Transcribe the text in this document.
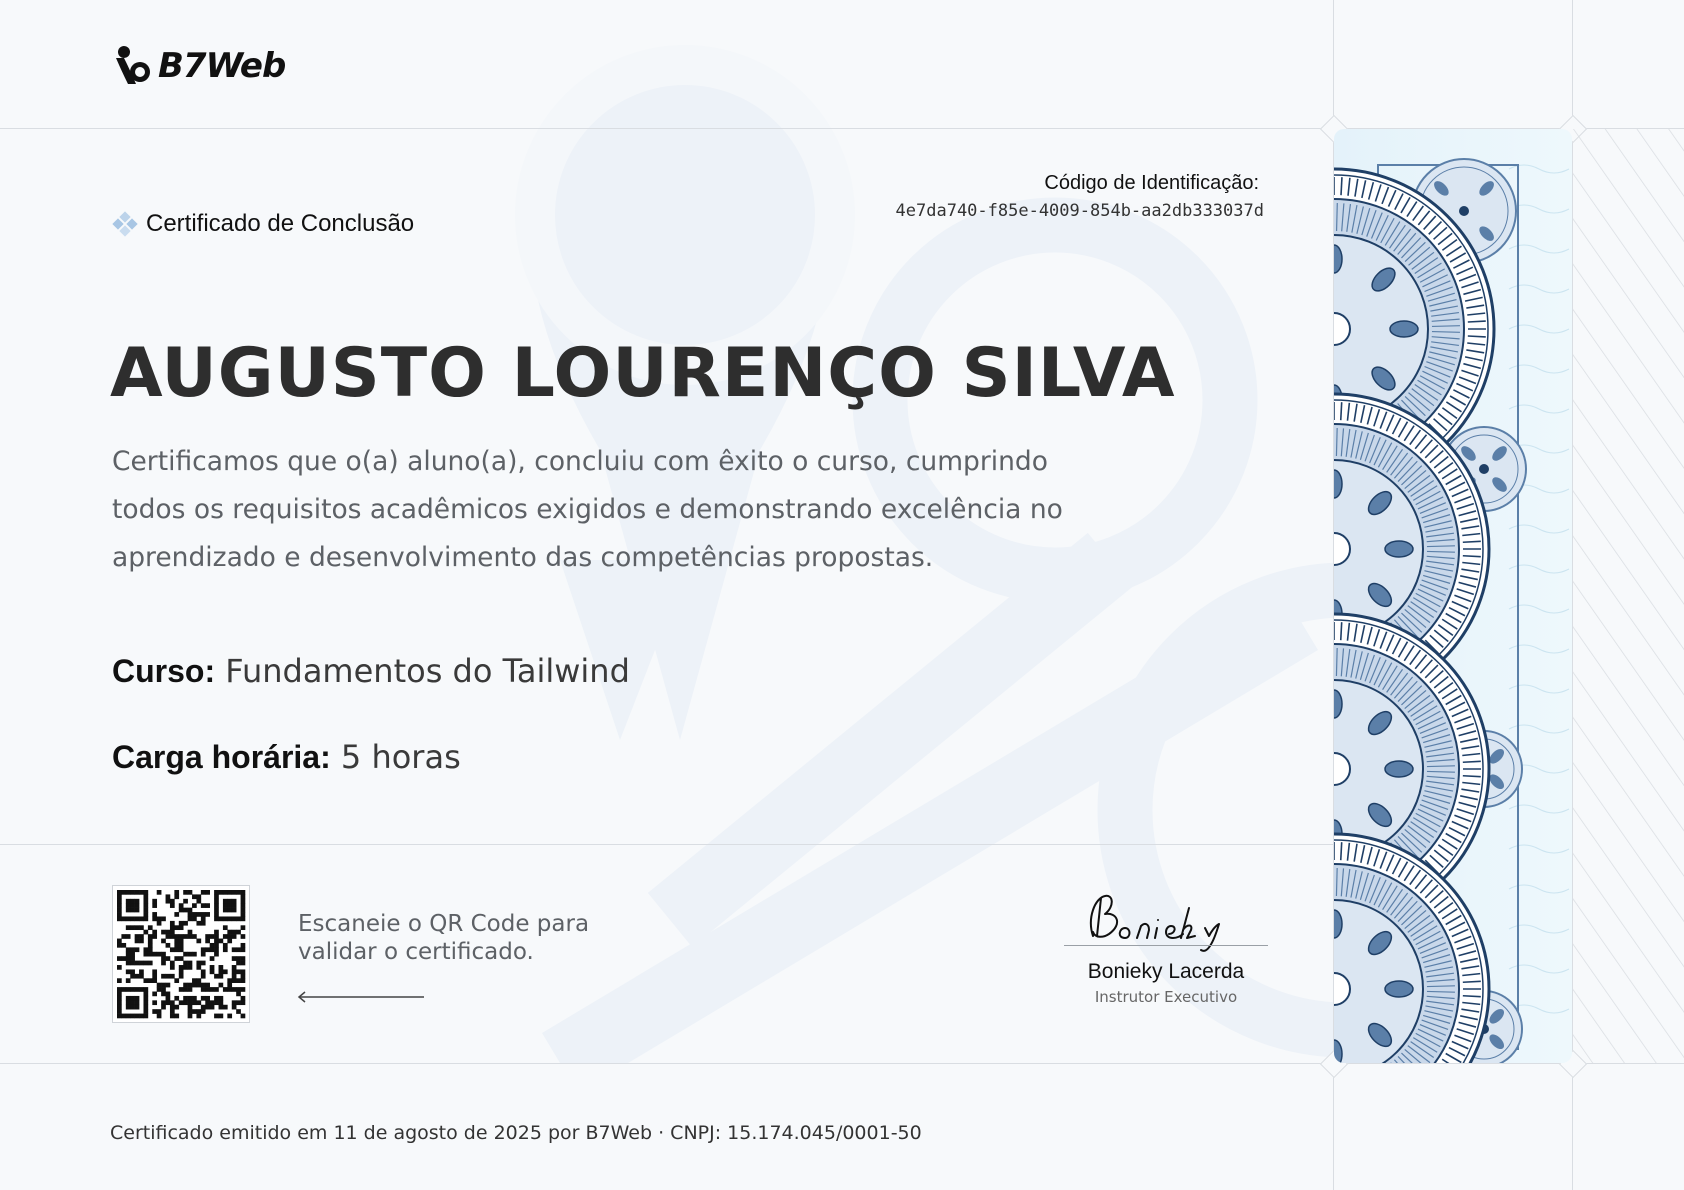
B7Web
Certificado de Conclusão
Código de Identificação:
4e7da740-f85e-4009-854b-aa2db333037d
AUGUSTO LOURENÇO SILVA
Certificamos que o(a) aluno(a), concluiu com êxito o curso, cumprindo todos os requisitos acadêmicos exigidos e demonstrando excelência no aprendizado e desenvolvimento das competências propostas.
Curso: Fundamentos do Tailwind
Carga horária: 5 horas
Escaneie o QR Code para validar o certificado.
Bonieky Lacerda
Instrutor Executivo
Certificado emitido em 11 de agosto de 2025 por B7Web · CNPJ: 15.174.045/0001-50
